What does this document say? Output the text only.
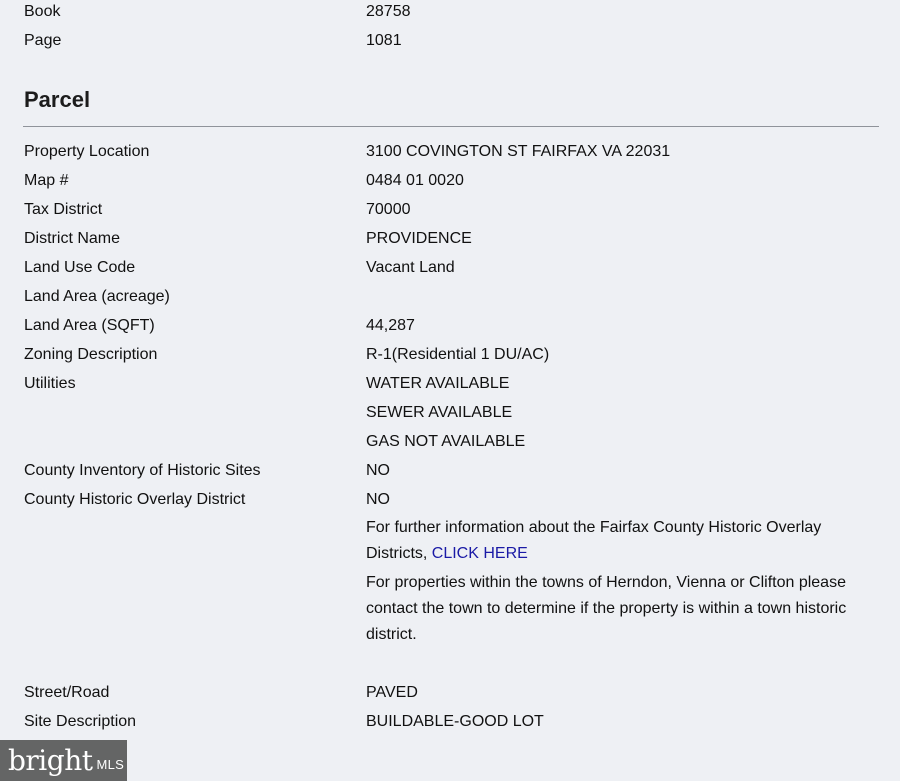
Book	28758
Page	1081
Parcel
Property Location	3100 COVINGTON ST FAIRFAX VA 22031
Map #	0484 01 0020
Tax District	70000
District Name	PROVIDENCE
Land Use Code	Vacant Land
Land Area (acreage)
Land Area (SQFT)	44,287
Zoning Description	R-1(Residential 1 DU/AC)
Utilities	WATER AVAILABLE
SEWER AVAILABLE
GAS NOT AVAILABLE
County Inventory of Historic Sites	NO
County Historic Overlay District	NO
For further information about the Fairfax County Historic Overlay Districts, CLICK HERE
For properties within the towns of Herndon, Vienna or Clifton please contact the town to determine if the property is within a town historic district.
Street/Road	PAVED
Site Description	BUILDABLE-GOOD LOT
bright MLS
